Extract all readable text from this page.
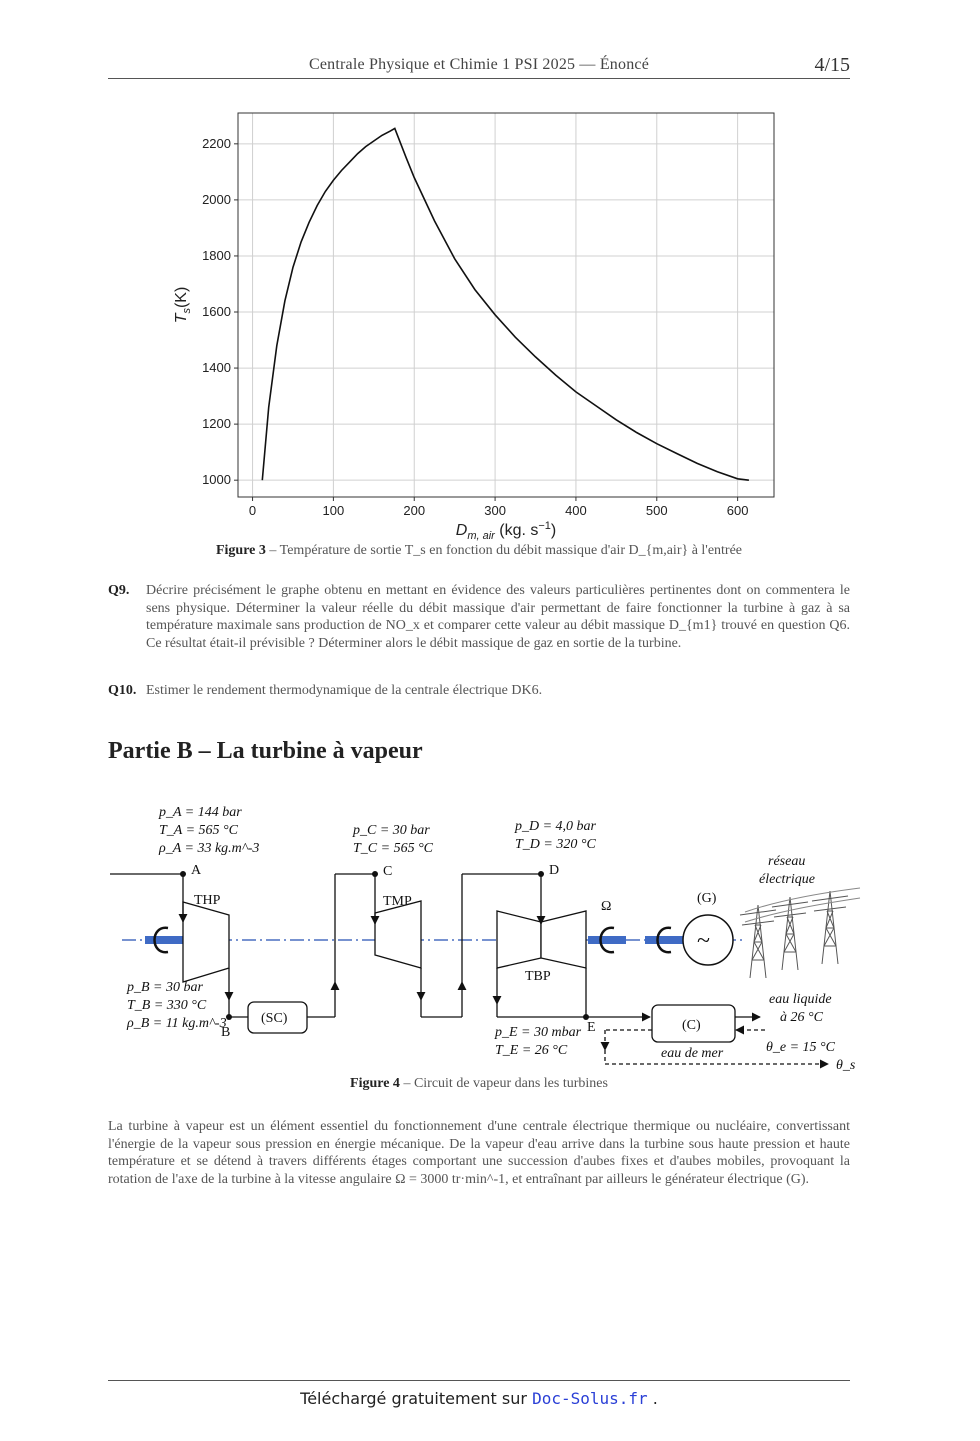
Centrale Physique et Chimie 1 PSI 2025 — Énoncé	4/15
0	100	200	300	400	500	600
1000
1200
1400
1600
1800
2000
2200
$D_{m, air}$ (kg. $s^{-1}$)
$T_s(K)$
Figure 3 – Température de sortie T_s en fonction du débit massique d'air D_{m,air} à l'entrée
Q9. Décrire précisément le graphe obtenu en mettant en évidence des valeurs particulières pertinentes dont on commentera le sens physique. Déterminer la valeur réelle du débit massique d'air permettant de faire fonctionner la turbine à gaz à sa température maximale sans production de NO_x et comparer cette valeur au débit massique D_{m1} trouvé en question Q6. Ce résultat était-il prévisible ? Déterminer alors le débit massique de gaz en sortie de la turbine.
Q10. Estimer le rendement thermodynamique de la centrale électrique DK6.
Partie B – La turbine à vapeur
p_A = 144 bar
T_A = 565 °C
ρ_A = 33 kg.m^-3
A
p_C = 30 bar
T_C = 565 °C
C
p_D = 4,0 bar
T_D = 320 °C
D
THP	TMP
TBP
Ω
(G)
~
réseau
électrique
p_B = 30 bar
T_B = 330 °C
ρ_B = 11 kg.m^-3
B
(SC)	(C)
p_E = 30 mbar
T_E = 26 °C
E
eau liquide
à 26 °C
eau de mer	θ_e = 15 °C
θ_s
Figure 4 – Circuit de vapeur dans les turbines
La turbine à vapeur est un élément essentiel du fonctionnement d'une centrale électrique thermique ou nucléaire, convertissant l'énergie de la vapeur sous pression en énergie mécanique. De la vapeur d'eau arrive dans la turbine sous haute pression et haute température et se détend à travers différents étages comportant une succession d'aubes fixes et d'aubes mobiles, provoquant la rotation de l'axe de la turbine à la vitesse angulaire Ω = 3000 tr·min^-1, et entraînant par ailleurs le générateur électrique (G).
Téléchargé gratuitement sur Doc-Solus.fr .
